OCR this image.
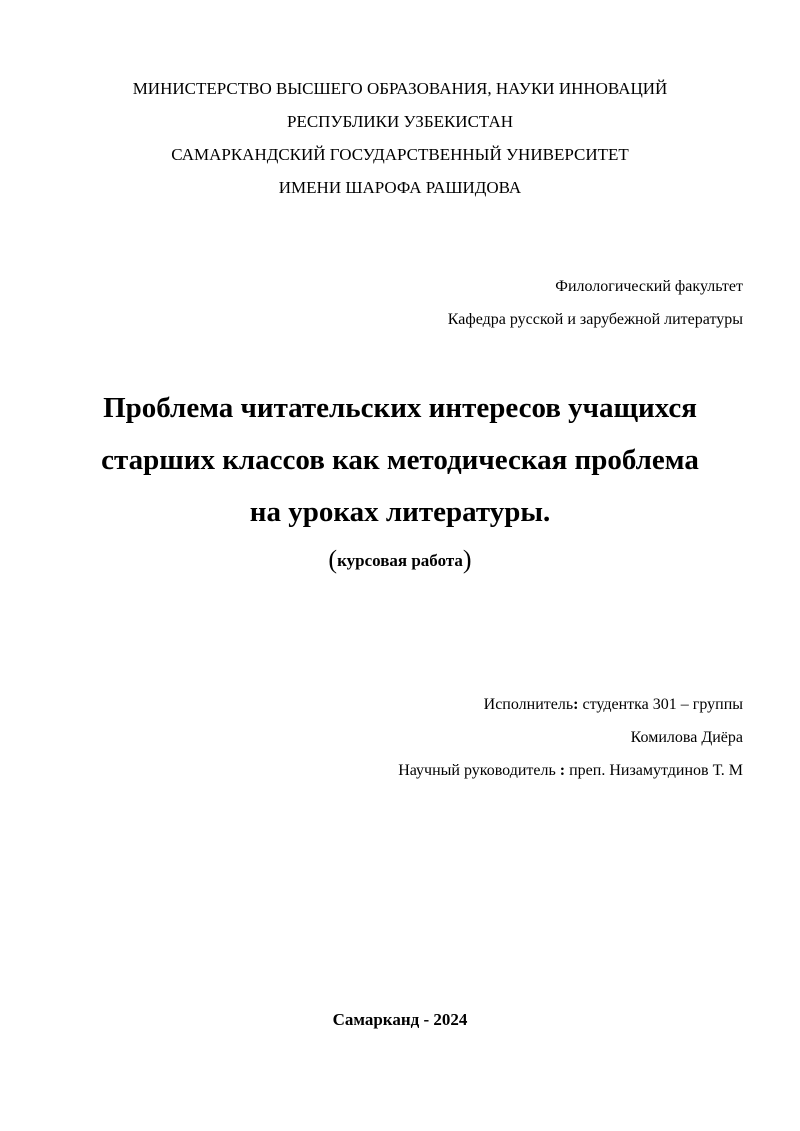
МИНИСТЕРСТВО ВЫСШЕГО ОБРАЗОВАНИЯ, НАУКИ ИННОВАЦИЙ
РЕСПУБЛИКИ УЗБЕКИСТАН
САМАРКАНДСКИЙ ГОСУДАРСТВЕННЫЙ УНИВЕРСИТЕТ
ИМЕНИ ШАРОФА РАШИДОВА
Филологический факультет
Кафедра русской и зарубежной литературы
Проблема читательских интересов учащихся
старших классов как методическая проблема
на уроках литературы.
(курсовая работа)
Исполнитель: студентка 301 – группы
Комилова Диёра
Научный руководитель : преп. Низамутдинов Т. М
Самарканд - 2024
